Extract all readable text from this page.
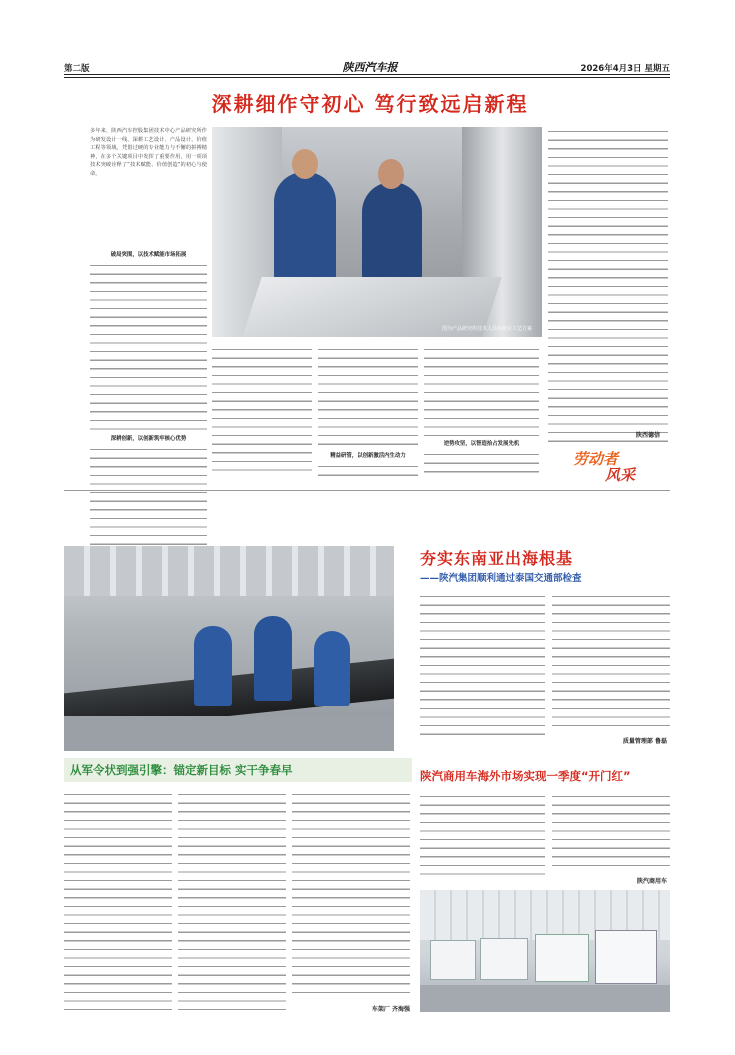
第二版	陕西汽车报	2026年4月3日 星期五
深耕细作守初心 笃行致远启新程
多年来，陕西汽车控股集团技术中心产品研究所作为研发设计一线，深耕工艺设计、产品设计、价值工程等领域，凭借过硬的专业能力与不懈的拼搏精神，在多个关键项目中发挥了重要作用，用一项项技术突破诠释了“技术赋能、价值创造”的初心与使命。
破局突围，以技术赋能市场拓展
深耕创新，以创新筑牢核心优势
图为产品研究所技术人员在研讨工艺方案
精益研管，以创新激活内生动力
逆势攻坚，以智造拾占发展先机
陕西德信
劳动者
风采
夯实东南亚出海根基
——陕汽集团顺利通过泰国交通部检查
质量管理部 鲁磊
陕汽商用车海外市场实现一季度“开门红”
陕汽商用车
从军令状到强引擎：锚定新目标 实干争春早
车架厂 齐海强
